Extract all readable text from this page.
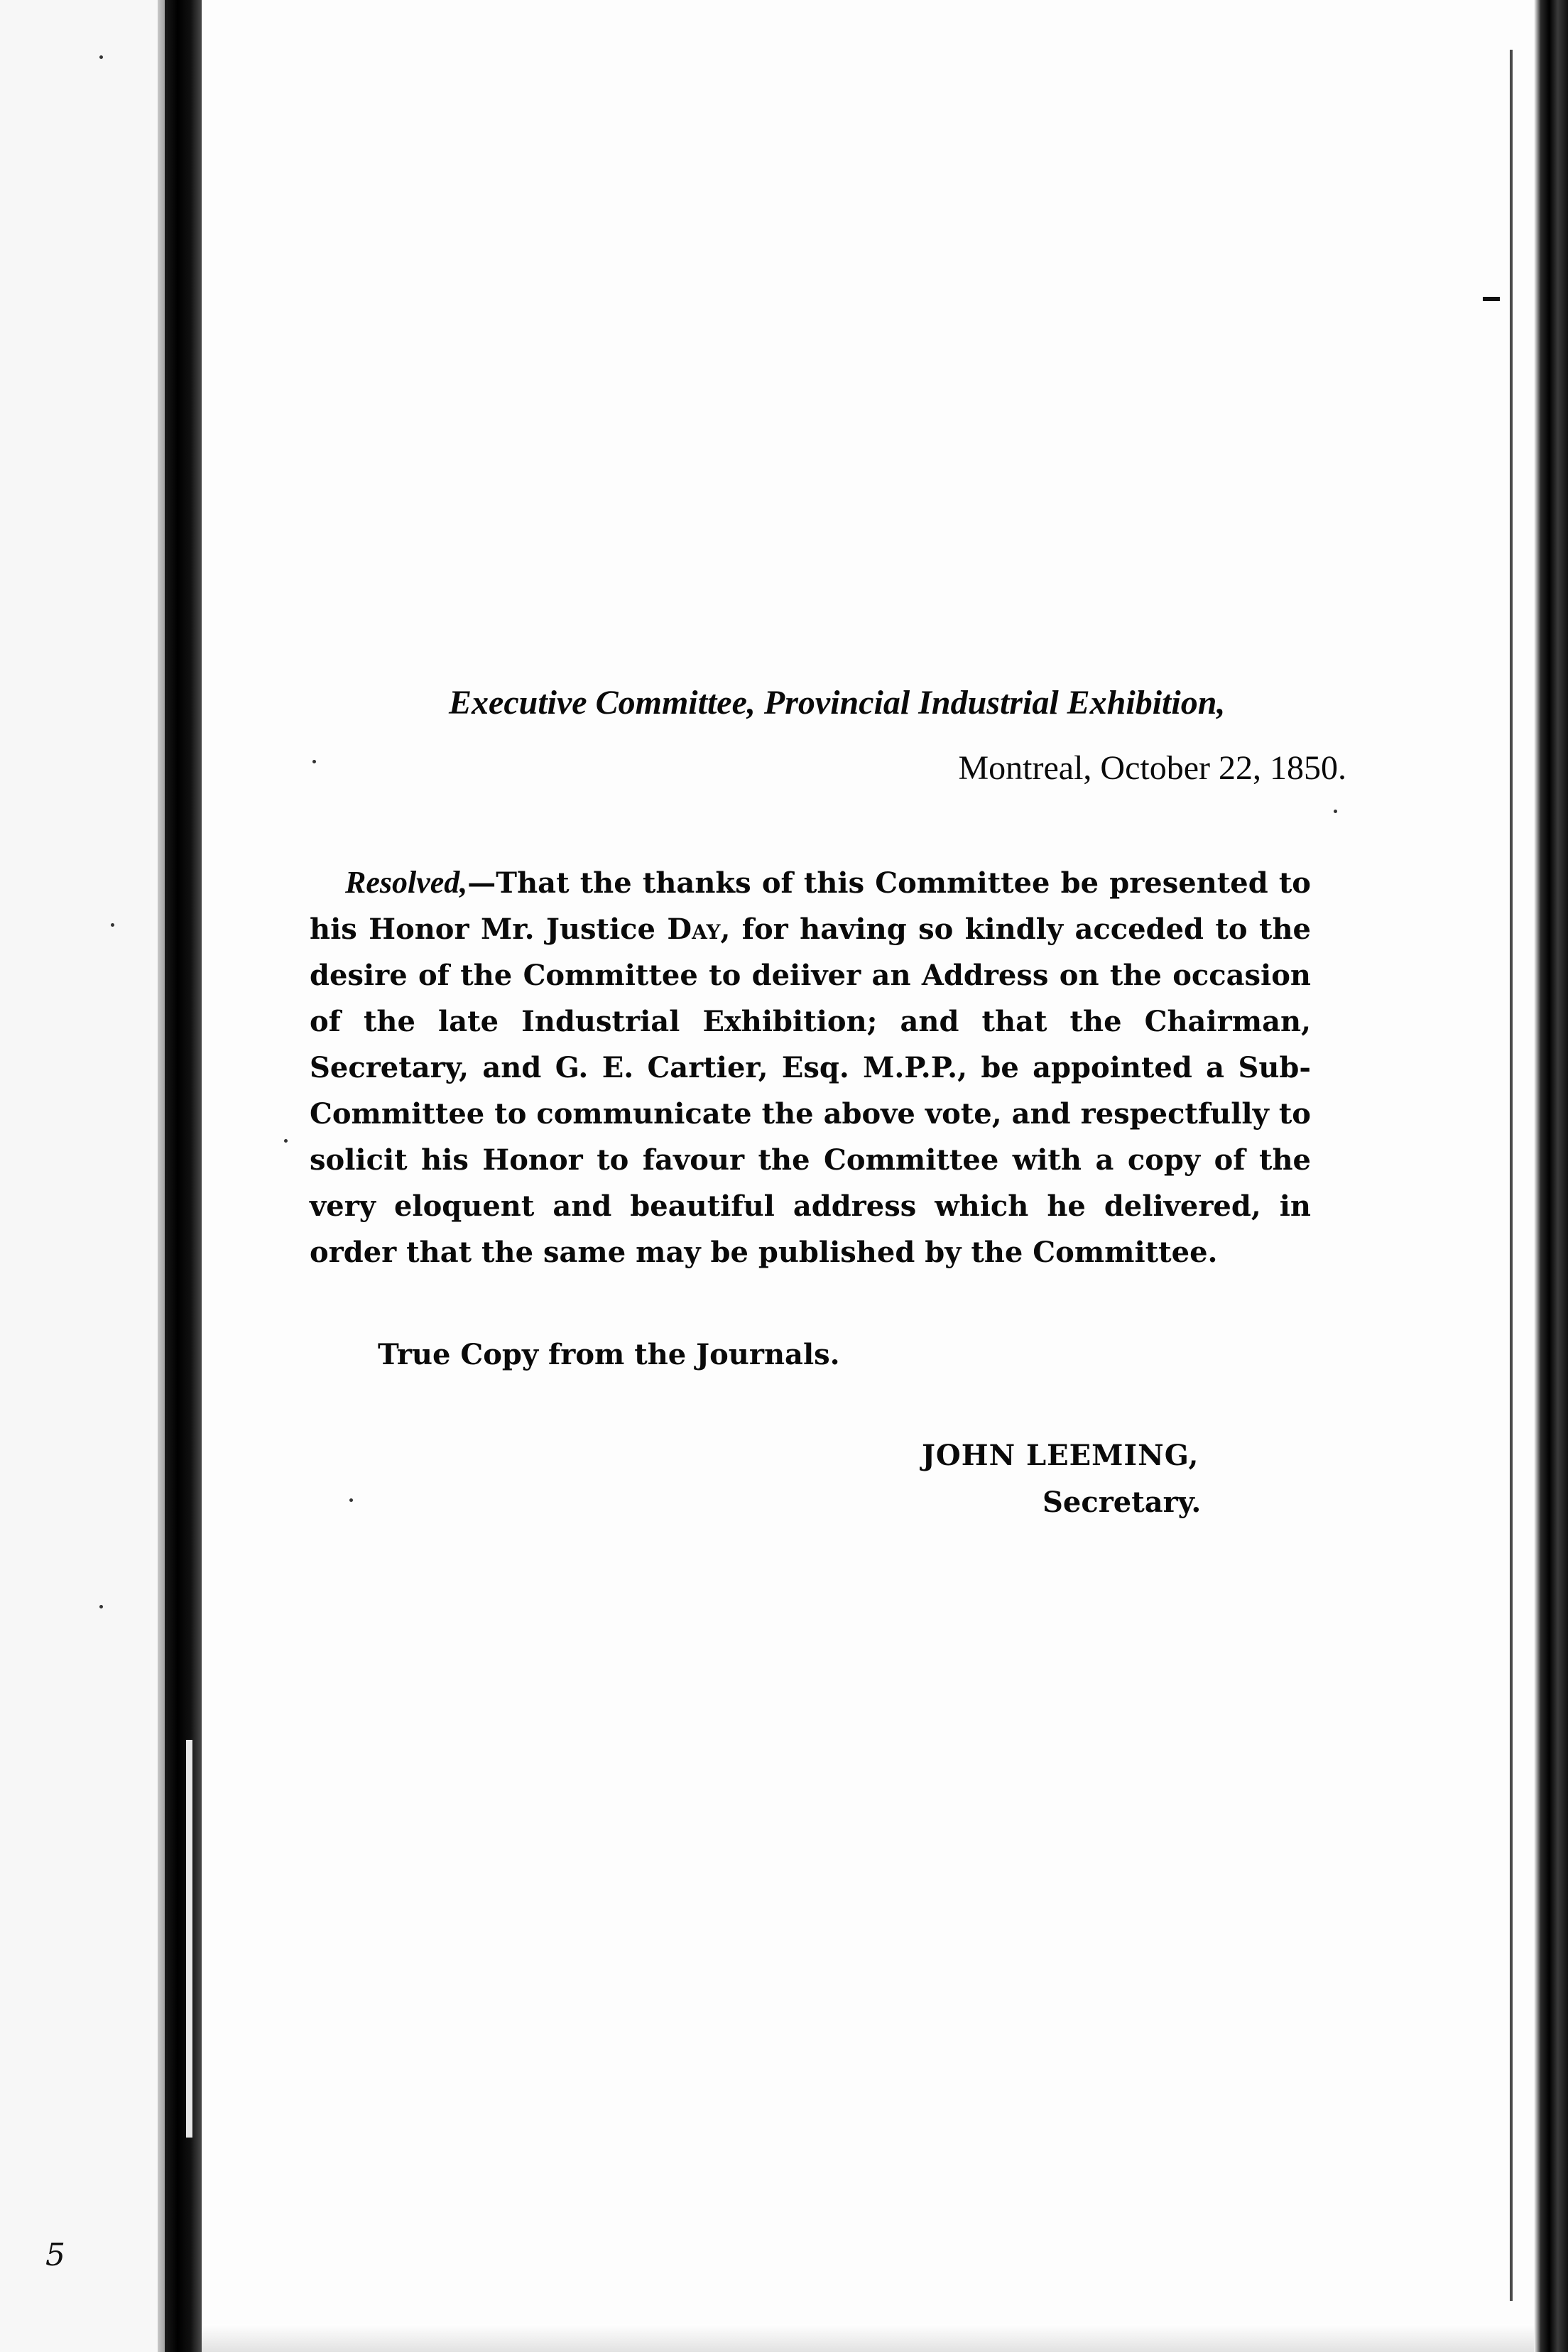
Executive Committee, Provincial Industrial Exhibition,
Montreal, October 22, 1850.
Resolved,—That the thanks of this Committee be presented to his Honor Mr. Justice Day, for having so kindly acceded to the desire of the Committee to deiiver an Address on the occasion of the late Industrial Exhibition; and that the Chairman, Secretary, and G. E. Cartier, Esq. M.P.P., be appointed a Sub-Committee to communicate the above vote, and respectfully to solicit his Honor to favour the Committee with a copy of the very eloquent and beautiful address which he delivered, in order that the same may be published by the Committee.
True Copy from the Journals.
JOHN LEEMING,
Secretary.
5
